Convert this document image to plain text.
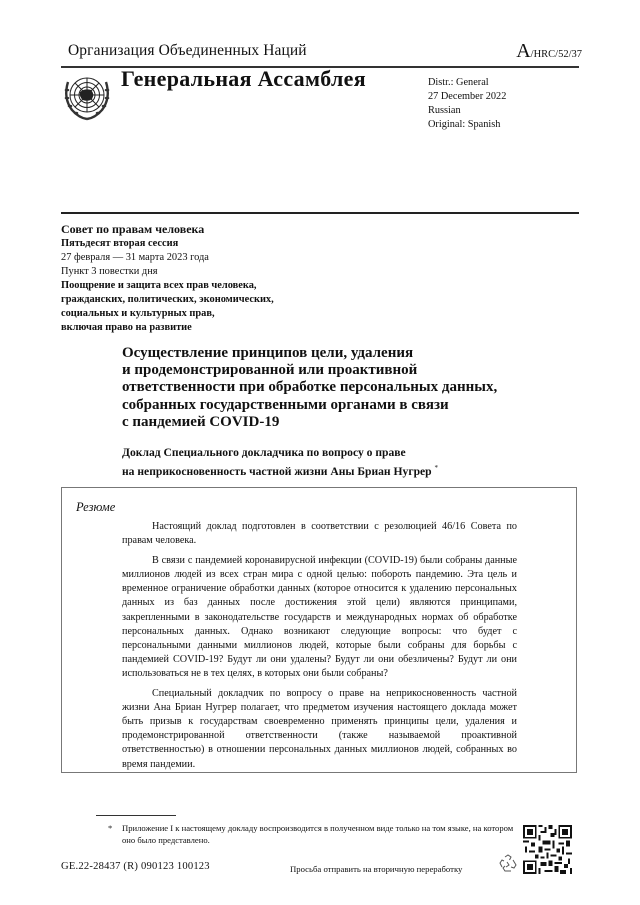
Организация Объединенных Наций	A/HRC/52/37
Генеральная Ассамблея	Distr.: General
27 December 2022
Russian
Original: Spanish
Совет по правам человека
Пятьдесят вторая сессия
27 февраля — 31 марта 2023 года
Пункт 3 повестки дня
Поощрение и защита всех прав человека,
гражданских, политических, экономических,
социальных и культурных прав,
включая право на развитие
Осуществление принципов цели, удаления
и продемонстрированной или проактивной
ответственности при обработке персональных данных,
собранных государственными органами в связи
с пандемией COVID-19
Доклад Специального докладчика по вопросу о праве
на неприкосновенность частной жизни Аны Бриан Нугрер *
Резюме

Настоящий доклад подготовлен в соответствии с резолюцией 46/16 Совета по правам человека.

В связи с пандемией коронавирусной инфекции (COVID-19) были собраны данные миллионов людей из всех стран мира с одной целью: побороть пандемию. Эта цель и временное ограничение обработки данных (которое относится к удалению персональных данных из баз данных после достижения этой цели) являются принципами, закрепленными в законодательстве государств и международных нормах об обработке персональных данных. Однако возникают следующие вопросы: что будет с персональными данными миллионов людей, которые были собраны для борьбы с пандемией COVID-19? Будут ли они удалены? Будут ли они обезличены? Будут ли они использоваться не в тех целях, в которых они были собраны?

Специальный докладчик по вопросу о праве на неприкосновенность частной жизни Ана Бриан Нугрер полагает, что предметом изучения настоящего доклада может быть призыв к государствам своевременно применять принципы цели, удаления и продемонстрированной ответственности (также называемой проактивной ответственностью) в отношении персональных данных миллионов людей, собранных во время пандемии.

*	Приложение I к настоящему докладу воспроизводится в полученном виде только на том языке, на котором оно было представлено.
GE.22-28437 (R) 090123 100123	Просьба отправить на вторичную переработку
